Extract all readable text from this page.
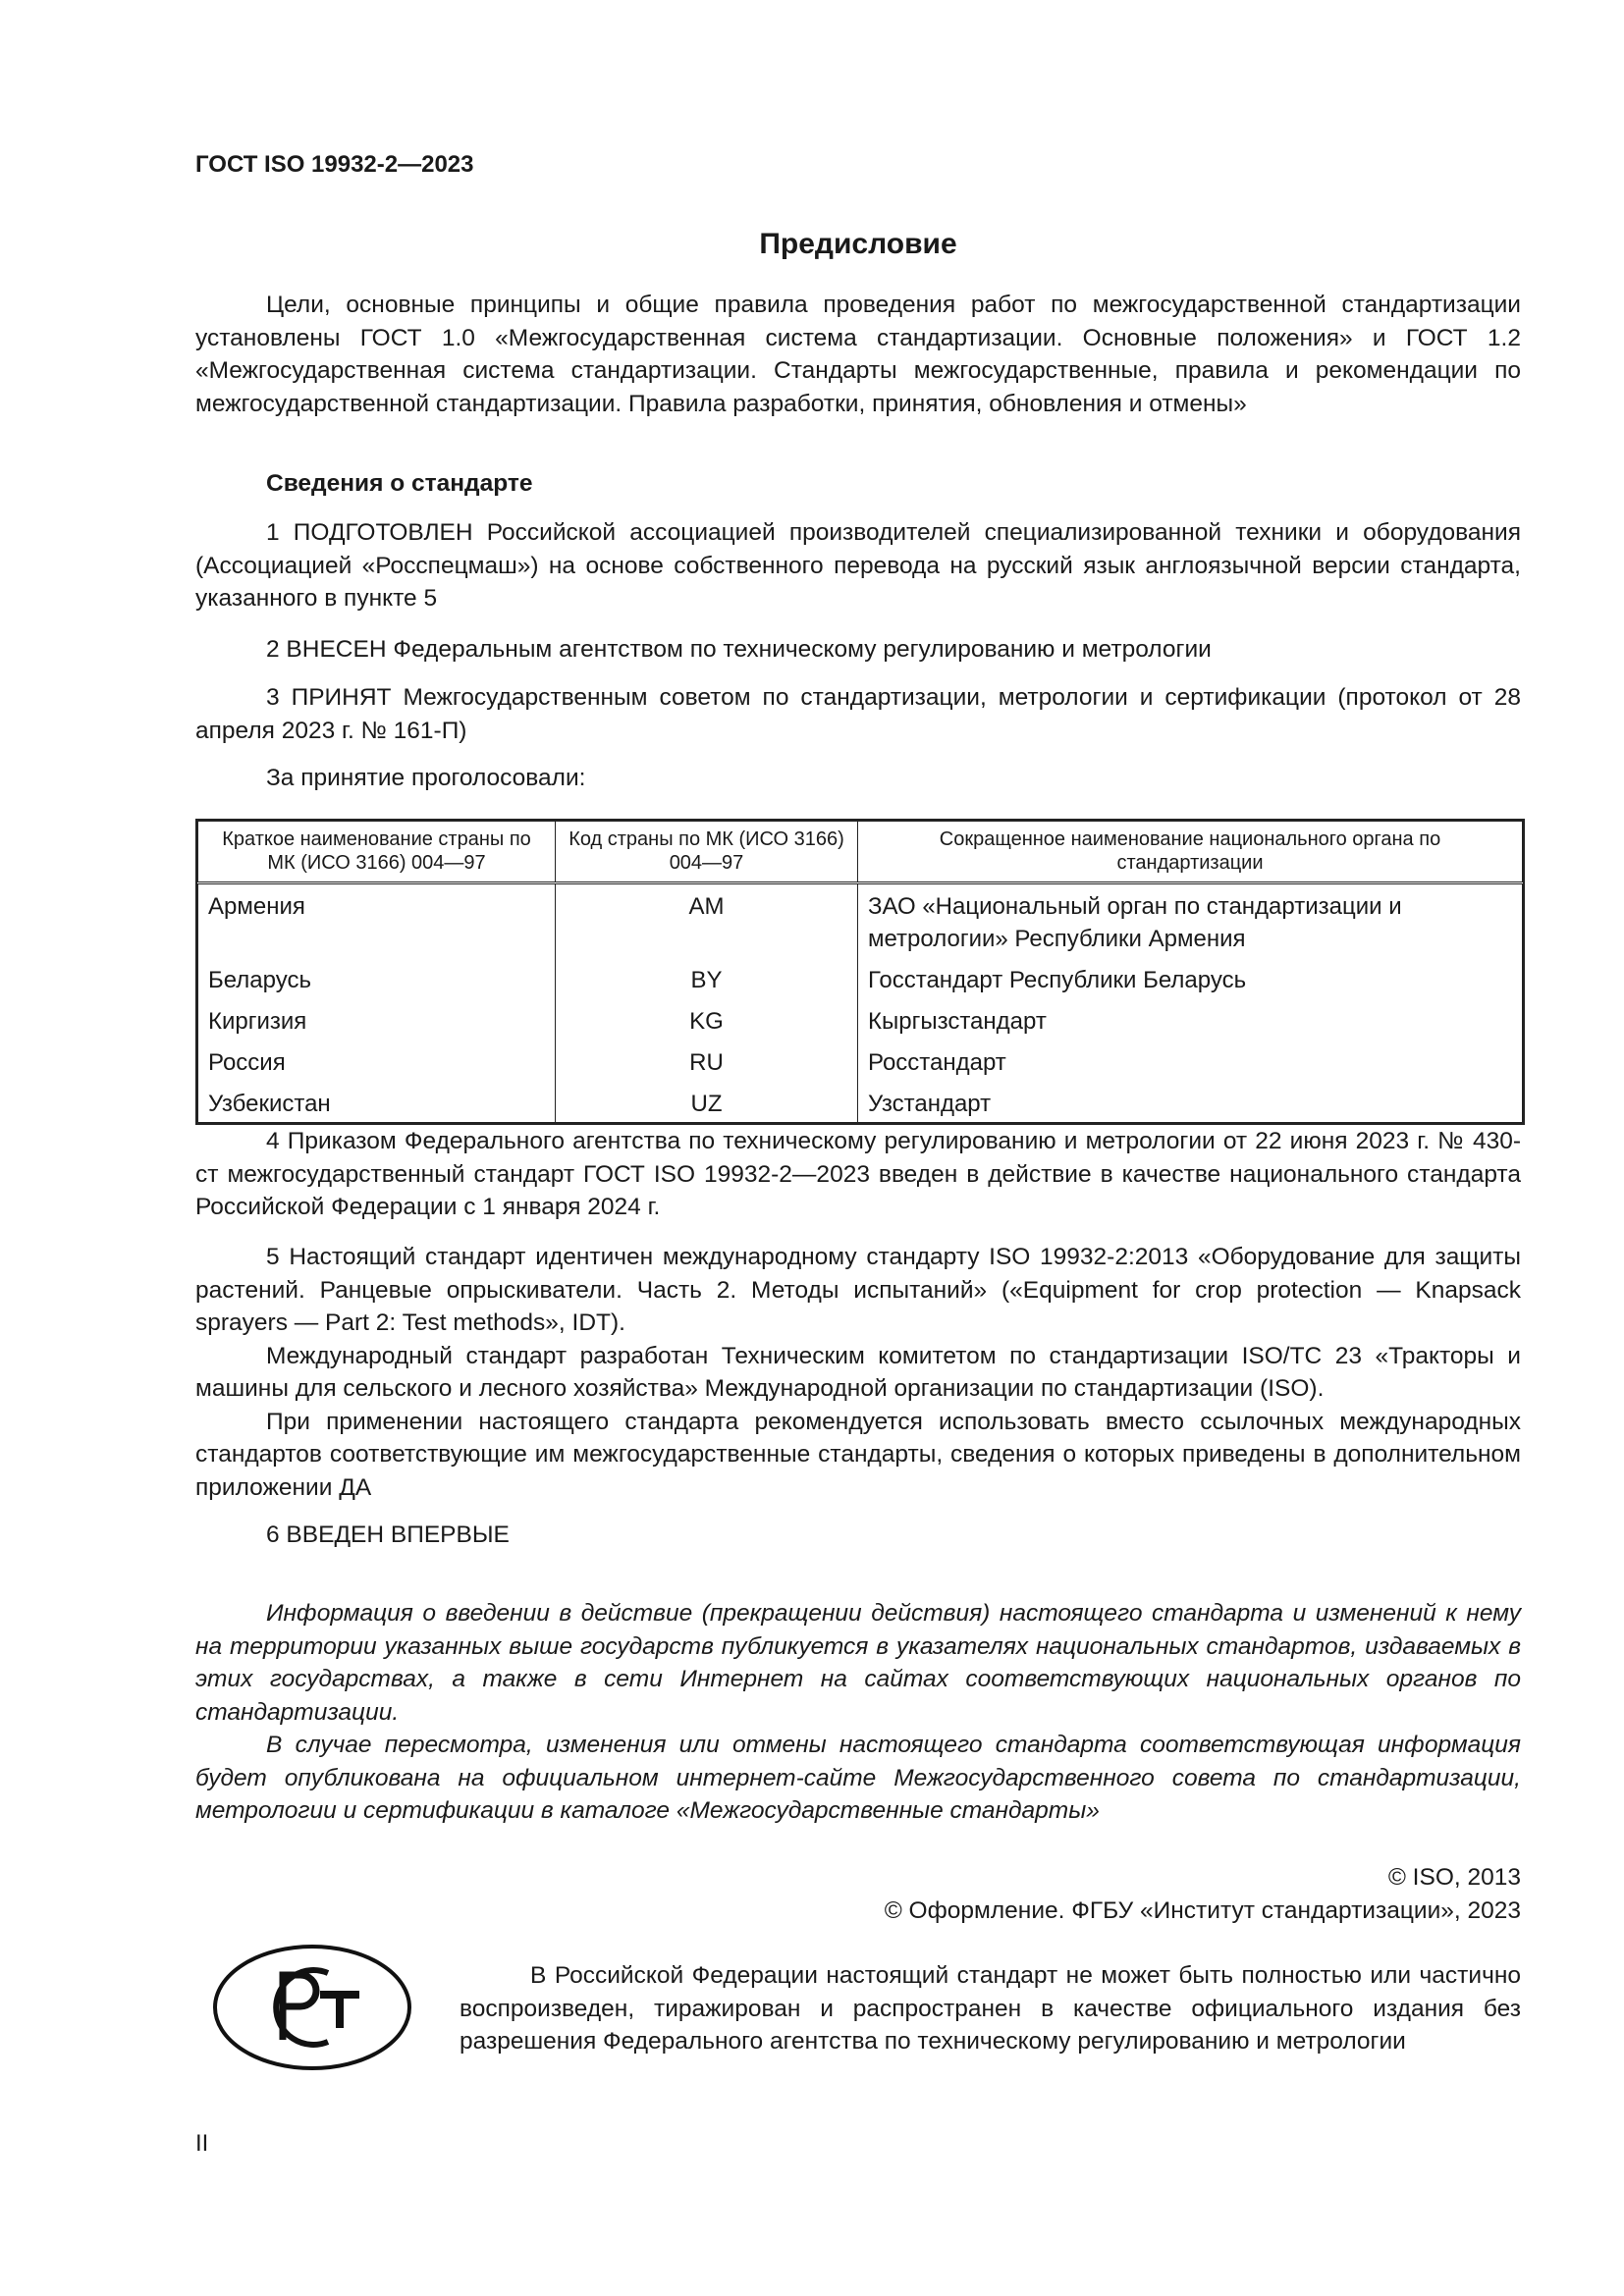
ГОСТ ISO 19932-2—2023
Предисловие

Цели, основные принципы и общие правила проведения работ по межгосударственной стандартизации установлены ГОСТ 1.0 «Межгосударственная система стандартизации. Основные положения» и ГОСТ 1.2 «Межгосударственная система стандартизации. Стандарты межгосударственные, правила и рекомендации по межгосударственной стандартизации. Правила разработки, принятия, обновления и отмены»

Сведения о стандарте

1 ПОДГОТОВЛЕН Российской ассоциацией производителей специализированной техники и оборудования (Ассоциацией «Росспецмаш») на основе собственного перевода на русский язык англоязычной версии стандарта, указанного в пункте 5

2 ВНЕСЕН Федеральным агентством по техническому регулированию и метрологии

3 ПРИНЯТ Межгосударственным советом по стандартизации, метрологии и сертификации (протокол от 28 апреля 2023 г. № 161-П)

За принятие проголосовали:

Краткое наименование страны по МК (ИСО 3166) 004—97	Код страны по МК (ИСО 3166) 004—97	Сокращенное наименование национального органа по стандартизации
Армения	AM	ЗАО «Национальный орган по стандартизации и метрологии» Республики Армения
Беларусь	BY	Госстандарт Республики Беларусь
Киргизия	KG	Кыргызстандарт
Россия	RU	Росстандарт
Узбекистан	UZ	Узстандарт

4 Приказом Федерального агентства по техническому регулированию и метрологии от 22 июня 2023 г. № 430-ст межгосударственный стандарт ГОСТ ISO 19932-2—2023 введен в действие в качестве национального стандарта Российской Федерации с 1 января 2024 г.

5 Настоящий стандарт идентичен международному стандарту ISO 19932-2:2013 «Оборудование для защиты растений. Ранцевые опрыскиватели. Часть 2. Методы испытаний» («Equipment for crop protection — Knapsack sprayers — Part 2: Test methods», IDT).

Международный стандарт разработан Техническим комитетом по стандартизации ISO/TC 23 «Тракторы и машины для сельского и лесного хозяйства» Международной организации по стандартизации (ISO).

При применении настоящего стандарта рекомендуется использовать вместо ссылочных международных стандартов соответствующие им межгосударственные стандарты, сведения о которых приведены в дополнительном приложении ДА

6 ВВЕДЕН ВПЕРВЫЕ

Информация о введении в действие (прекращении действия) настоящего стандарта и изменений к нему на территории указанных выше государств публикуется в указателях национальных стандартов, издаваемых в этих государствах, а также в сети Интернет на сайтах соответствующих национальных органов по стандартизации.

В случае пересмотра, изменения или отмены настоящего стандарта соответствующая информация будет опубликована на официальном интернет-сайте Межгосударственного совета по стандартизации, метрологии и сертификации в каталоге «Межгосударственные стандарты»

© ISO, 2013
© Оформление. ФГБУ «Институт стандартизации», 2023
В Российской Федерации настоящий стандарт не может быть полностью или частично воспроизведен, тиражирован и распространен в качестве официального издания без разрешения Федерального агентства по техническому регулированию и метрологии
II
